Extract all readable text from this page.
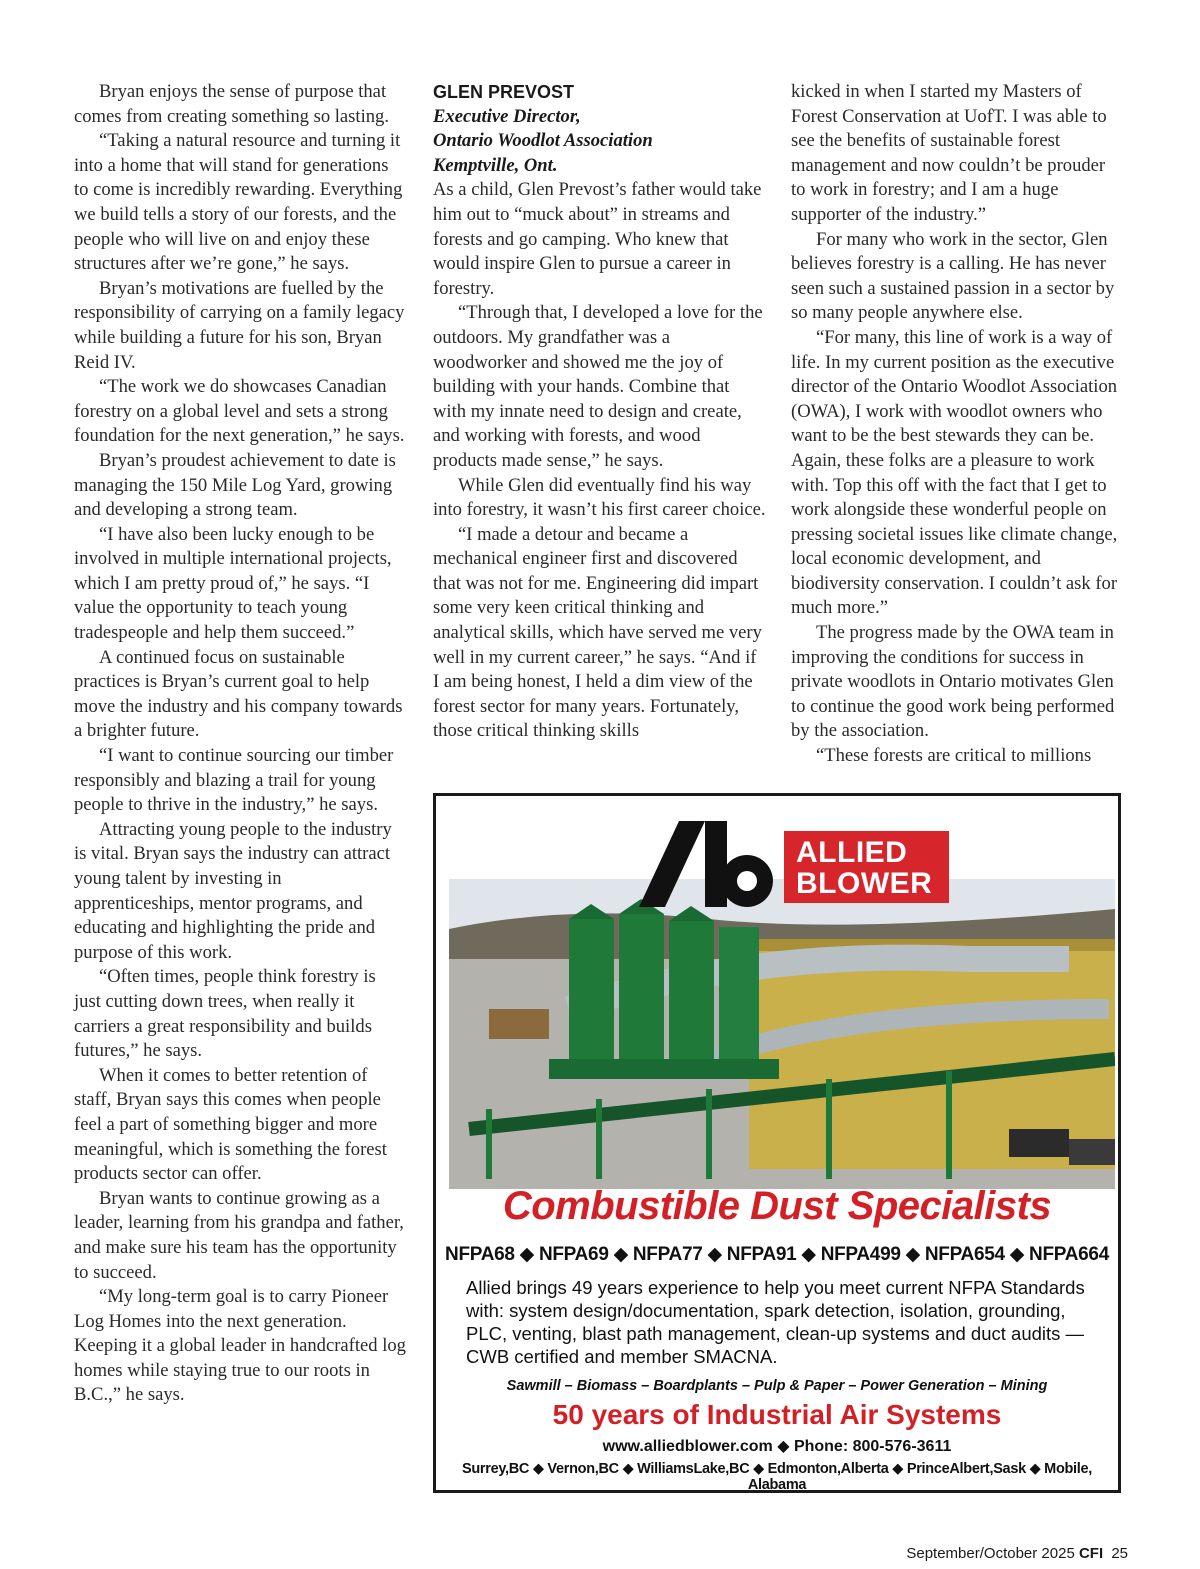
Bryan enjoys the sense of purpose that comes from creating something so lasting.

“Taking a natural resource and turning it into a home that will stand for generations to come is incredibly rewarding. Everything we build tells a story of our forests, and the people who will live on and enjoy these structures after we’re gone,” he says.

Bryan’s motivations are fuelled by the responsibility of carrying on a family legacy while building a future for his son, Bryan Reid IV.

“The work we do showcases Canadian forestry on a global level and sets a strong foundation for the next generation,” he says.

Bryan’s proudest achievement to date is managing the 150 Mile Log Yard, growing and developing a strong team.

“I have also been lucky enough to be involved in multiple international projects, which I am pretty proud of,” he says. “I value the opportunity to teach young tradespeople and help them succeed.”

A continued focus on sustainable practices is Bryan’s current goal to help move the industry and his company towards a brighter future.

“I want to continue sourcing our timber responsibly and blazing a trail for young people to thrive in the industry,” he says.

Attracting young people to the industry is vital. Bryan says the industry can attract young talent by investing in apprenticeships, mentor programs, and educating and highlighting the pride and purpose of this work.

“Often times, people think forestry is just cutting down trees, when really it carriers a great responsibility and builds futures,” he says.

When it comes to better retention of staff, Bryan says this comes when people feel a part of something bigger and more meaningful, which is something the forest products sector can offer.

Bryan wants to continue growing as a leader, learning from his grandpa and father, and make sure his team has the opportunity to succeed.

“My long-term goal is to carry Pioneer Log Homes into the next generation. Keeping it a global leader in handcrafted log homes while staying true to our roots in B.C.,” he says.

GLEN PREVOST
Executive Director,
Ontario Woodlot Association
Kemptville, Ont.

As a child, Glen Prevost’s father would take him out to “muck about” in streams and forests and go camping. Who knew that would inspire Glen to pursue a career in forestry.

“Through that, I developed a love for the outdoors. My grandfather was a woodworker and showed me the joy of building with your hands. Combine that with my innate need to design and create, and working with forests, and wood products made sense,” he says.

While Glen did eventually find his way into forestry, it wasn’t his first career choice.

“I made a detour and became a mechanical engineer first and discovered that was not for me. Engineering did impart some very keen critical thinking and analytical skills, which have served me very well in my current career,” he says. “And if I am being honest, I held a dim view of the forest sector for many years. Fortunately, those critical thinking skills

kicked in when I started my Masters of Forest Conservation at UofT. I was able to see the benefits of sustainable forest management and now couldn’t be prouder to work in forestry; and I am a huge supporter of the industry.”

For many who work in the sector, Glen believes forestry is a calling. He has never seen such a sustained passion in a sector by so many people anywhere else.

“For many, this line of work is a way of life. In my current position as the executive director of the Ontario Woodlot Association (OWA), I work with woodlot owners who want to be the best stewards they can be. Again, these folks are a pleasure to work with. Top this off with the fact that I get to work alongside these wonderful people on pressing societal issues like climate change, local economic development, and biodiversity conservation. I couldn’t ask for much more.”

The progress made by the OWA team in improving the conditions for success in private woodlots in Ontario motivates Glen to continue the good work being performed by the association.

“These forests are critical to millions

ALLIED
BLOWER
Combustible Dust Specialists
NFPA68 ◆ NFPA69 ◆ NFPA77 ◆ NFPA91 ◆ NFPA499 ◆ NFPA654 ◆ NFPA664
Allied brings 49 years experience to help you meet current NFPA Standards with: system design/documentation, spark detection, isolation, grounding, PLC, venting, blast path management, clean-up systems and duct audits — CWB certified and member SMACNA.
Sawmill – Biomass – Boardplants – Pulp & Paper – Power Generation – Mining
50 years of Industrial Air Systems
www.alliedblower.com ◆ Phone: 800-576-3611
Surrey,BC ◆ Vernon,BC ◆ WilliamsLake,BC ◆ Edmonton,Alberta ◆ PrinceAlbert,Sask ◆ Mobile, Alabama
September/October 2025 CFI 25
